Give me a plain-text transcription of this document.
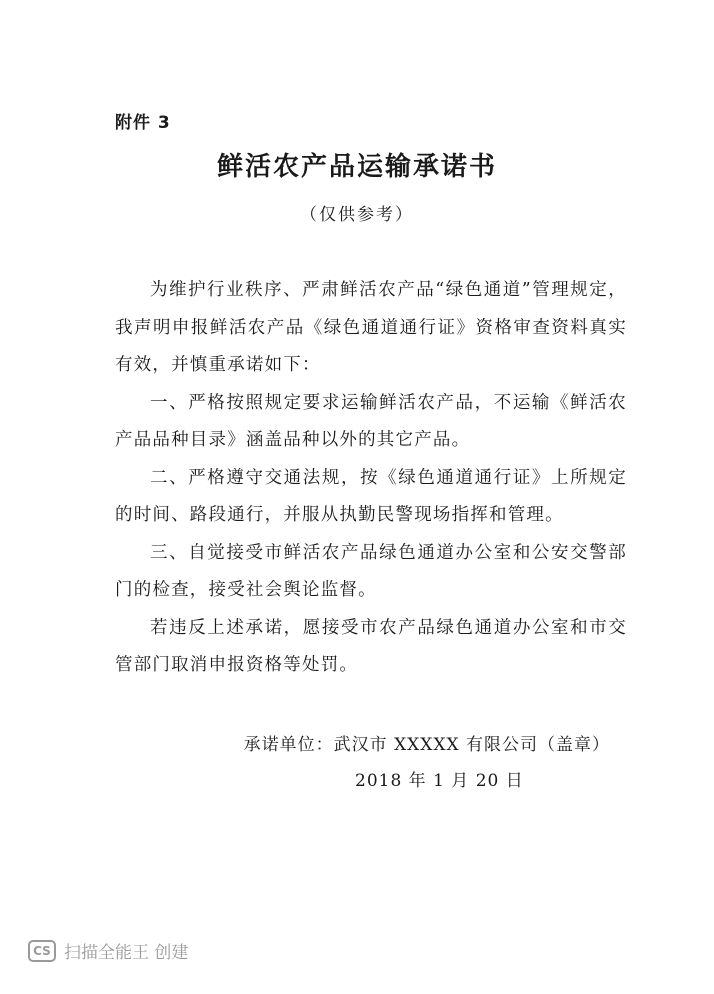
附件 3
鲜活农产品运输承诺书
（仅供参考）

为维护行业秩序、严肃鲜活农产品“绿色通道”管理规定，我声明申报鲜活农产品《绿色通道通行证》资格审查资料真实有效，并慎重承诺如下：

一、严格按照规定要求运输鲜活农产品，不运输《鲜活农产品品种目录》涵盖品种以外的其它产品。

二、严格遵守交通法规，按《绿色通道通行证》上所规定的时间、路段通行，并服从执勤民警现场指挥和管理。

三、自觉接受市鲜活农产品绿色通道办公室和公安交警部门的检查，接受社会舆论监督。

若违反上述承诺，愿接受市农产品绿色通道办公室和市交管部门取消申报资格等处罚。

承诺单位：武汉市 XXXXX 有限公司（盖章）
2018 年 1 月 20 日
CS 扫描全能王 创建
